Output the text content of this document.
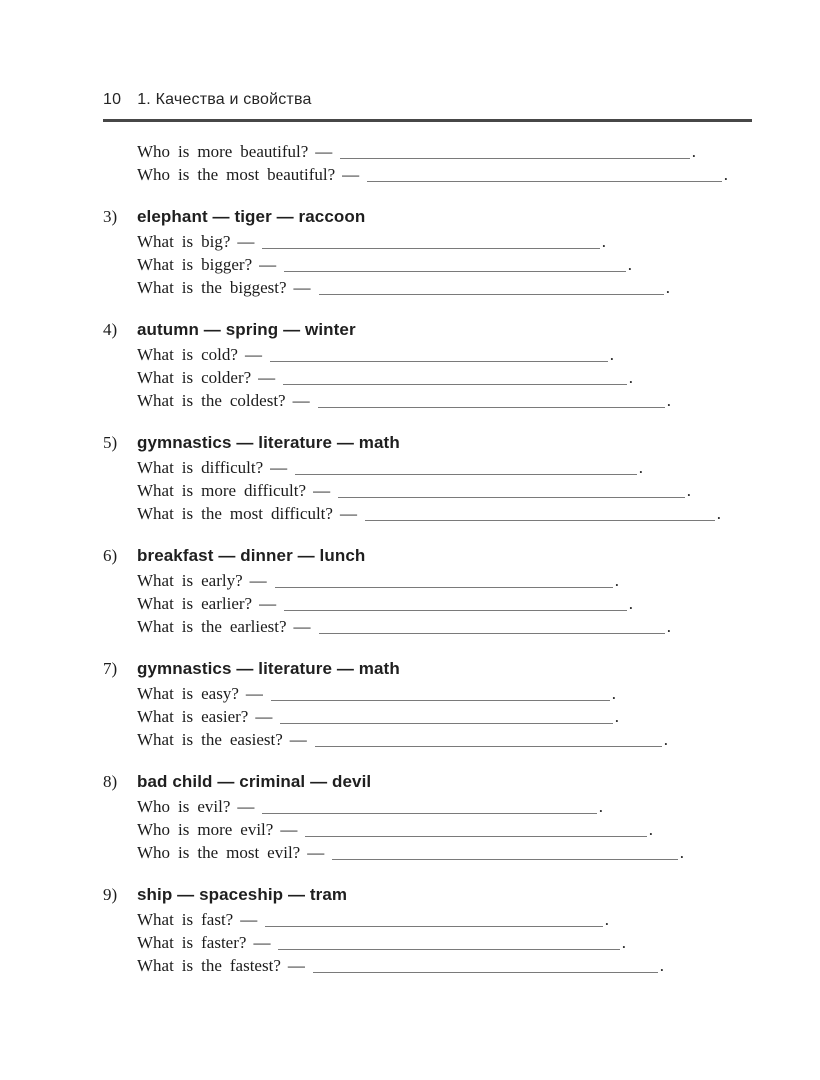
10 1. Качества и свойства
Who is more beautiful? —	.
Who is the most beautiful? —	.
3)	elephant — tiger — raccoon
What is big? —	.
What is bigger? —	.
What is the biggest? —	.
4)	autumn — spring — winter
What is cold? —	.
What is colder? —	.
What is the coldest? —	.
5)	gymnastics — literature — math
What is difficult? —	.
What is more difficult? —	.
What is the most difficult? —	.
6)	breakfast — dinner — lunch
What is early? —	.
What is earlier? —	.
What is the earliest? —	.
7)	gymnastics — literature — math
What is easy? —	.
What is easier? —	.
What is the easiest? —	.
8)	bad child — criminal — devil
Who is evil? —	.
Who is more evil? —	.
Who is the most evil? —	.
9)	ship — spaceship — tram
What is fast? —	.
What is faster? —	.
What is the fastest? —	.
